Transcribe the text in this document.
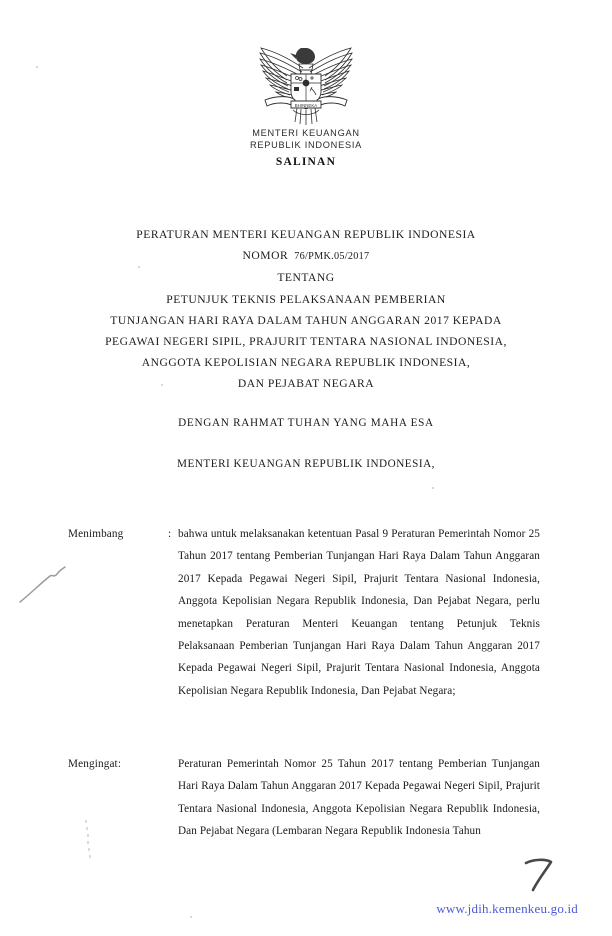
BHINNEKA
MENTERI KEUANGAN
REPUBLIK INDONESIA
SALINAN
PERATURAN MENTERI KEUANGAN REPUBLIK INDONESIA
NOMOR 76/PMK.05/2017
TENTANG
PETUNJUK TEKNIS PELAKSANAAN PEMBERIAN
TUNJANGAN HARI RAYA DALAM TAHUN ANGGARAN 2017 KEPADA
PEGAWAI NEGERI SIPIL, PRAJURIT TENTARA NASIONAL INDONESIA,
ANGGOTA KEPOLISIAN NEGARA REPUBLIK INDONESIA,
DAN PEJABAT NEGARA
DENGAN RAHMAT TUHAN YANG MAHA ESA
MENTERI KEUANGAN REPUBLIK INDONESIA,
Menimbang	: bahwa untuk melaksanakan ketentuan Pasal 9 Peraturan Pemerintah Nomor 25 Tahun 2017 tentang Pemberian Tunjangan Hari Raya Dalam Tahun Anggaran 2017 Kepada Pegawai Negeri Sipil, Prajurit Tentara Nasional Indonesia, Anggota Kepolisian Negara Republik Indonesia, Dan Pejabat Negara, perlu menetapkan Peraturan Menteri Keuangan tentang Petunjuk Teknis Pelaksanaan Pemberian Tunjangan Hari Raya Dalam Tahun Anggaran 2017 Kepada Pegawai Negeri Sipil, Prajurit Tentara Nasional Indonesia, Anggota Kepolisian Negara Republik Indonesia, Dan Pejabat Negara;
Mengingat:	Peraturan Pemerintah Nomor 25 Tahun 2017 tentang Pemberian Tunjangan Hari Raya Dalam Tahun Anggaran 2017 Kepada Pegawai Negeri Sipil, Prajurit Tentara Nasional Indonesia, Anggota Kepolisian Negara Republik Indonesia, Dan Pejabat Negara (Lembaran Negara Republik Indonesia Tahun
www.jdih.kemenkeu.go.id
